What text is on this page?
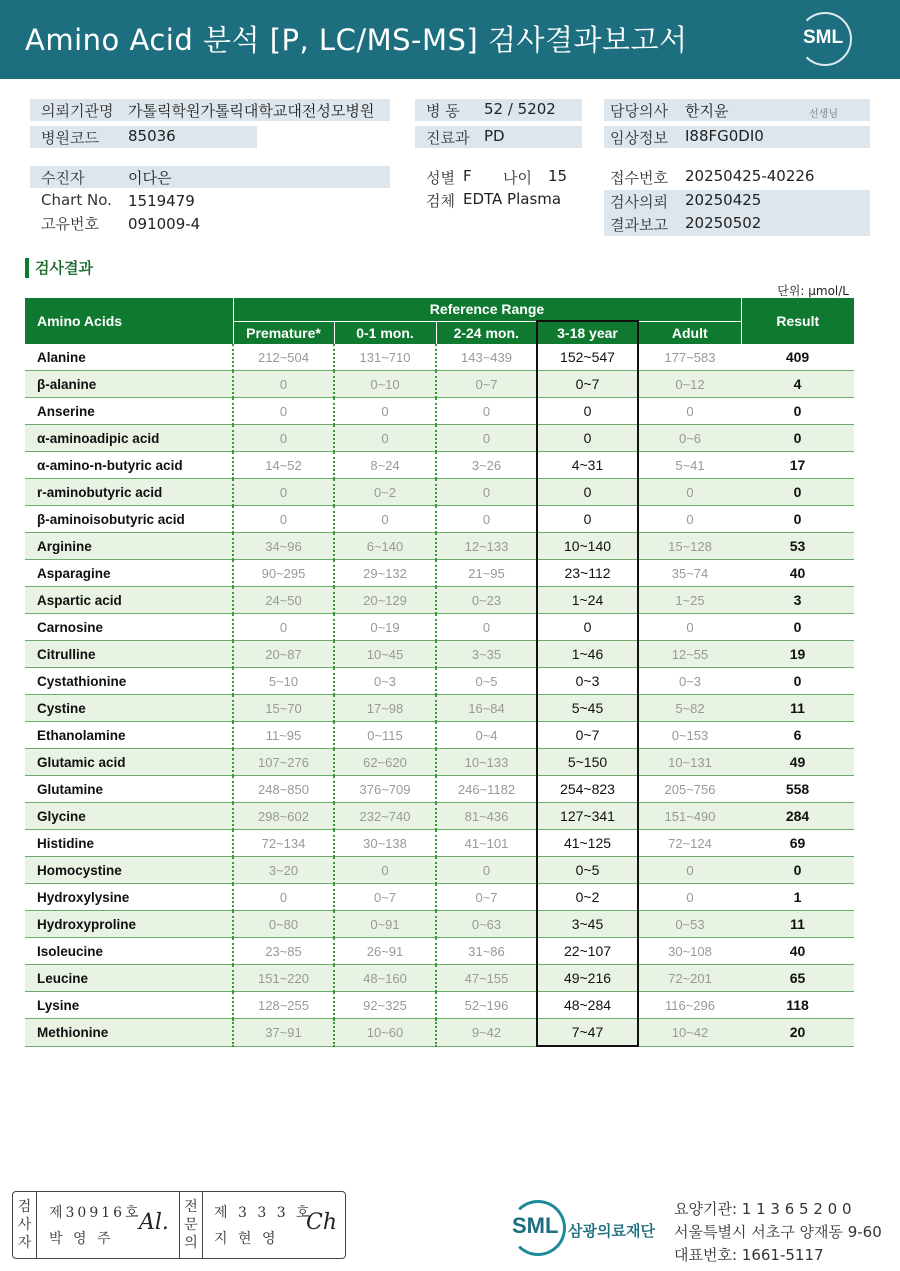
Amino Acid 분석 [P, LC/MS-MS] 검사결과보고서	SML
의뢰기관명 가톨릭학원가톨릭대학교대전성모병원
병원코드 85036
병 동 52 / 5202
진료과 PD
담당의사 한지윤	선생님
임상정보 I88FG0DI0
수진자	이다은
Chart No. 1519479
고유번호 091009-4
성별 F 나이 15
검체 EDTA Plasma
접수번호 20250425-40226
검사의뢰 20250425
결과보고 20250502
검사결과
단위: μmol/L
Amino Acids	Reference Range					Result
	Premature*	0-1 mon.	2-24 mon.	3-18 year	Adult	
Alanine	212~504	131~710	143~439	152~547	177~583	409
β-alanine	0	0~10	0~7	0~7	0~12	4
Anserine	0	0	0	0	0	0
α-aminoadipic acid	0	0	0	0	0~6	0
α-amino-n-butyric acid	14~52	8~24	3~26	4~31	5~41	17
r-aminobutyric acid	0	0~2	0	0	0	0
β-aminoisobutyric acid	0	0	0	0	0	0
Arginine	34~96	6~140	12~133	10~140	15~128	53
Asparagine	90~295	29~132	21~95	23~112	35~74	40
Aspartic acid	24~50	20~129	0~23	1~24	1~25	3
Carnosine	0	0~19	0	0	0	0
Citrulline	20~87	10~45	3~35	1~46	12~55	19
Cystathionine	5~10	0~3	0~5	0~3	0~3	0
Cystine	15~70	17~98	16~84	5~45	5~82	11
Ethanolamine	11~95	0~115	0~4	0~7	0~153	6
Glutamic acid	107~276	62~620	10~133	5~150	10~131	49
Glutamine	248~850	376~709	246~1182	254~823	205~756	558
Glycine	298~602	232~740	81~436	127~341	151~490	284
Histidine	72~134	30~138	41~101	41~125	72~124	69
Homocystine	3~20	0	0	0~5	0	0
Hydroxylysine	0	0~7	0~7	0~2	0	1
Hydroxyproline	0~80	0~91	0~63	3~45	0~53	11
Isoleucine	23~85	26~91	31~86	22~107	30~108	40
Leucine	151~220	48~160	47~155	49~216	72~201	65
Lysine	128~255	92~325	52~196	48~284	116~296	118
Methionine	37~91	10~60	9~42	7~47	10~42	20
검사자
제30916호
박 영 주
Al.
전문의
제 3 3 3 호
지 현 영
Ch	SML 삼광의료재단
요양기관: 1 1 3 6 5 2 0 0
서울특별시 서초구 양재동 9-60
대표번호: 1661-5117
